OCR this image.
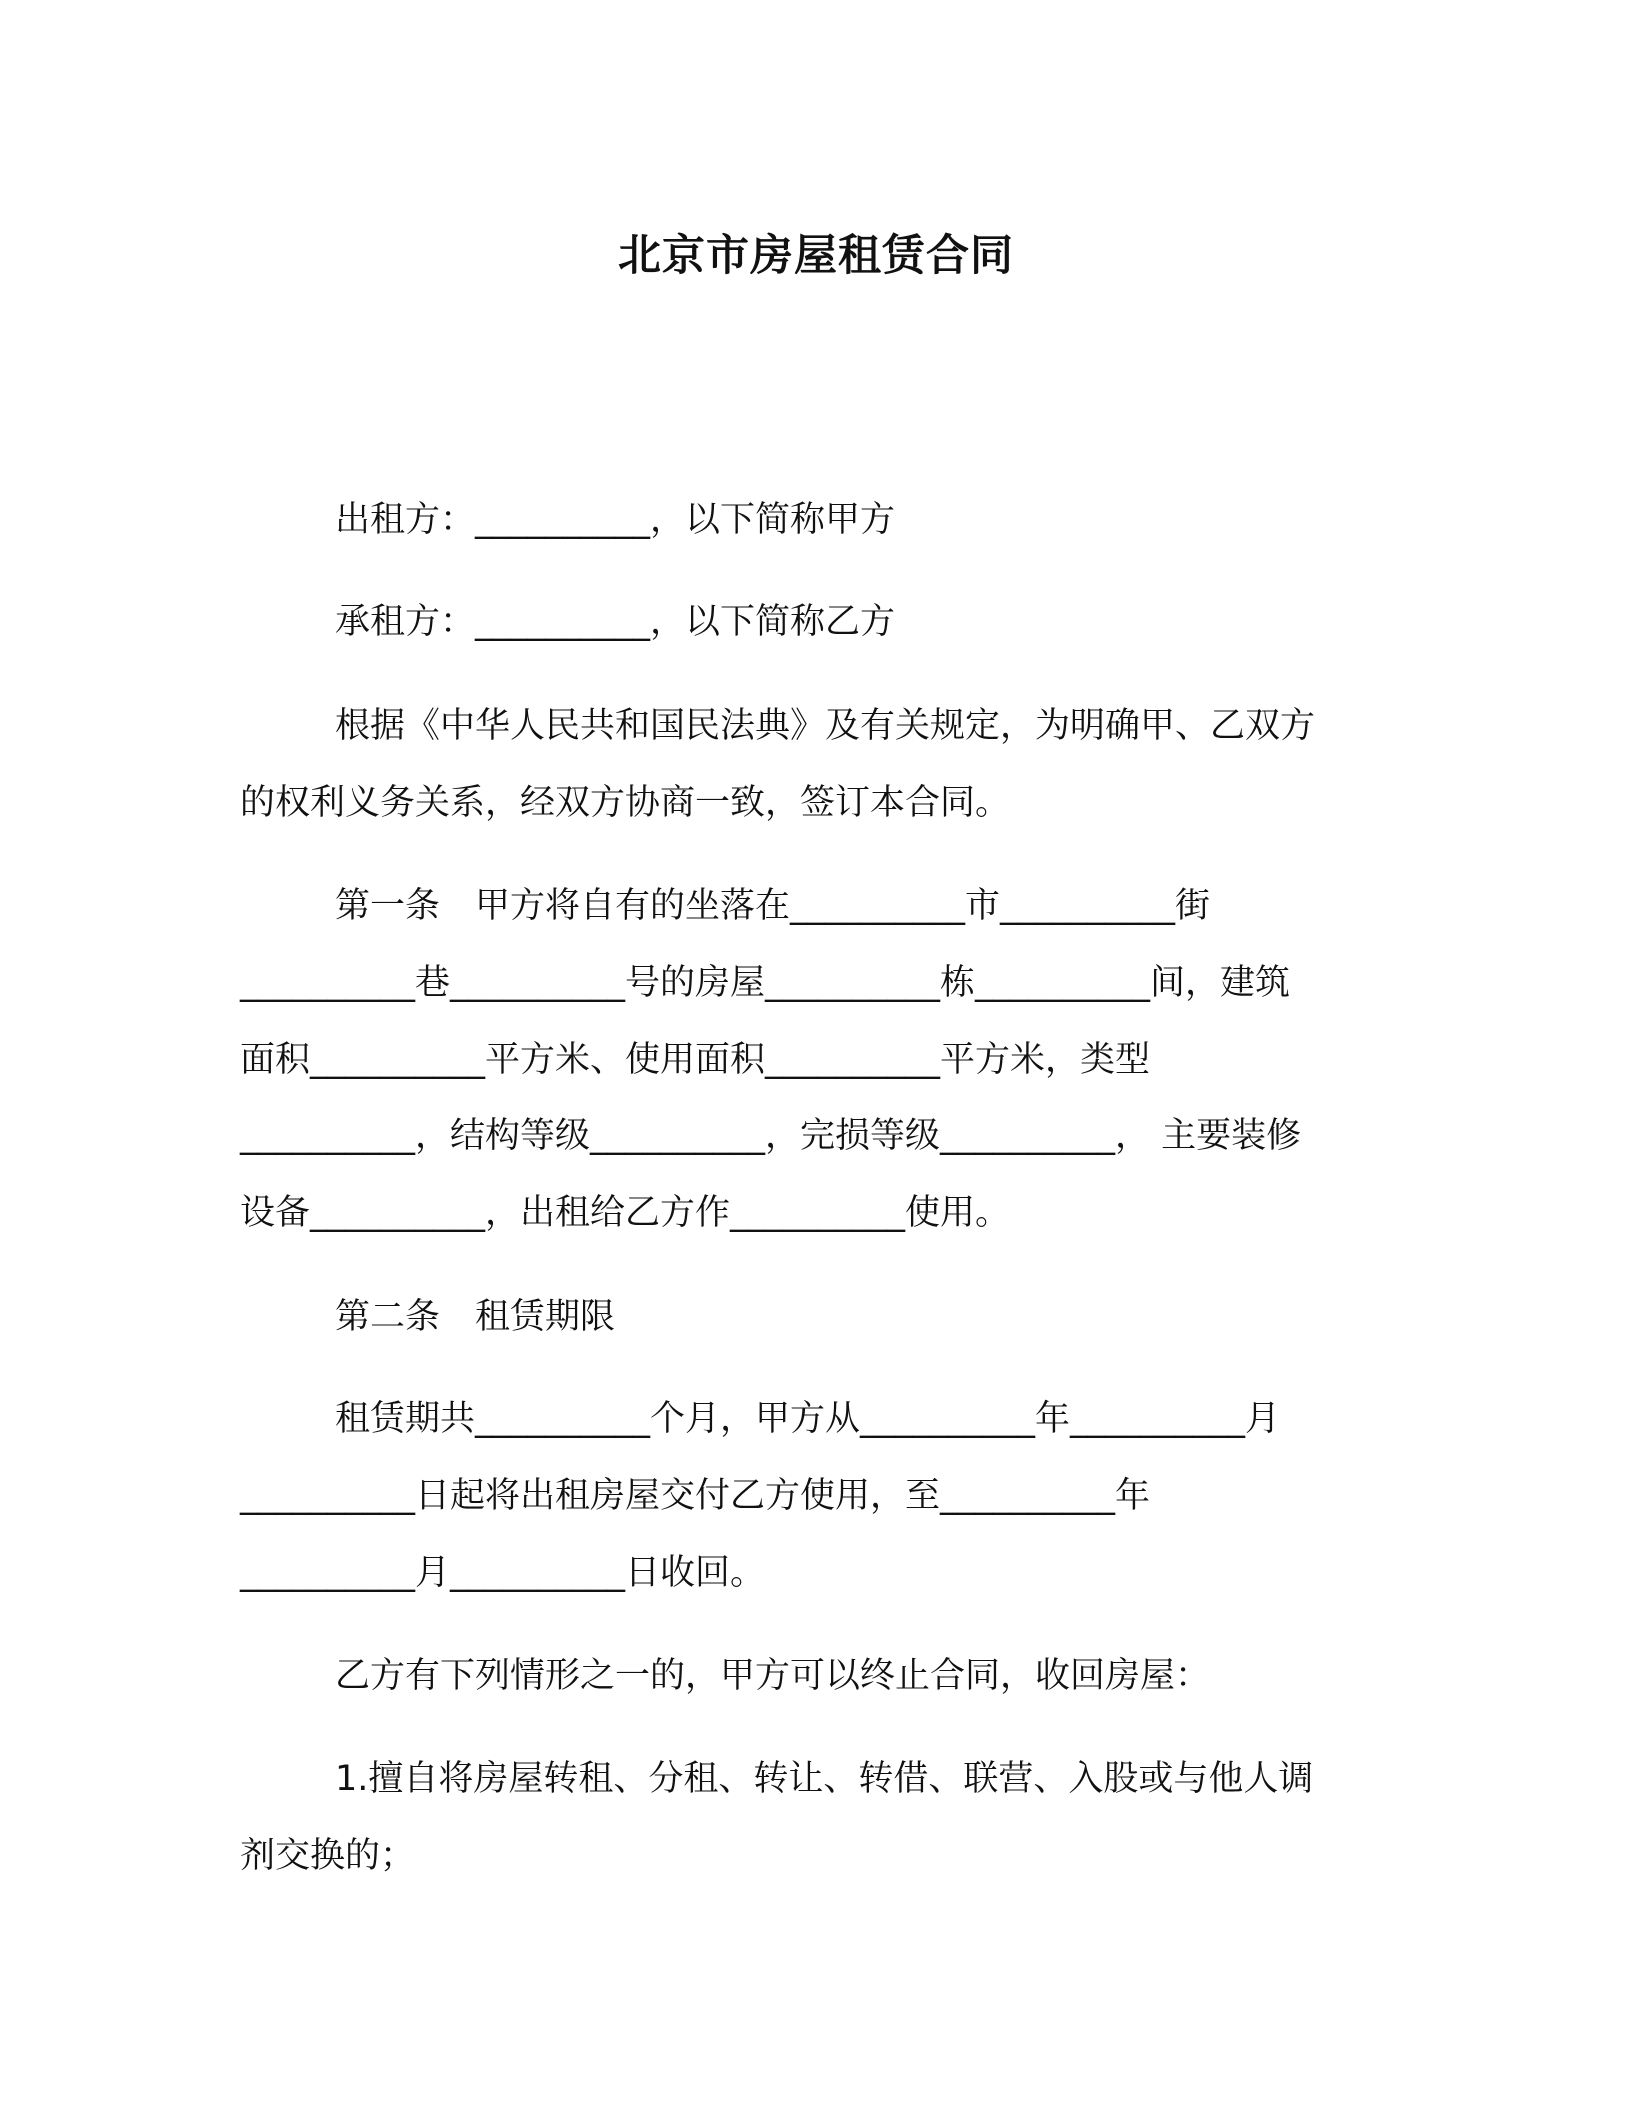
北京市房屋租赁合同

出租方：__________，以下简称甲方

承租方：__________，以下简称乙方

根据《中华人民共和国民法典》及有关规定，为明确甲、乙双方

的权利义务关系，经双方协商一致，签订本合同。

第一条　甲方将自有的坐落在__________市__________街

__________巷__________号的房屋__________栋__________间，建筑

面积__________平方米、使用面积__________平方米，类型

__________，结构等级__________，完损等级__________， 主要装修

设备__________，出租给乙方作__________使用。

第二条　租赁期限

租赁期共__________个月，甲方从__________年__________月

__________日起将出租房屋交付乙方使用，至__________年

__________月__________日收回。

乙方有下列情形之一的，甲方可以终止合同，收回房屋：

1.擅自将房屋转租、分租、转让、转借、联营、入股或与他人调

剂交换的；
